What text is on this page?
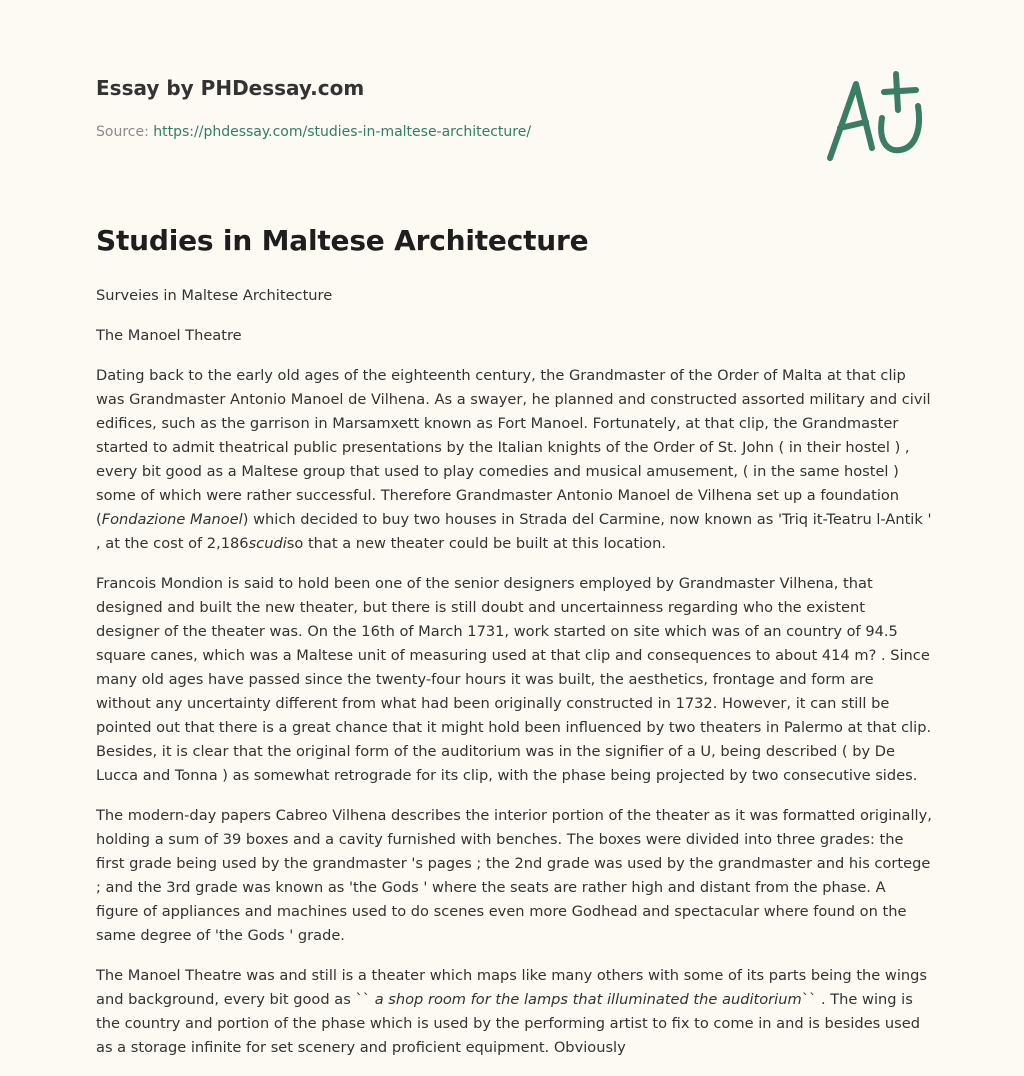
Essay by PHDessay.com
Source: https://phdessay.com/studies-in-maltese-architecture/
Studies in Maltese Architecture

Surveies in Maltese Architecture

The Manoel Theatre

Dating back to the early old ages of the eighteenth century, the Grandmaster of the Order of Malta at that clip was Grandmaster Antonio Manoel de Vilhena. As a swayer, he planned and constructed assorted military and civil edifices, such as the garrison in Marsamxett known as Fort Manoel. Fortunately, at that clip, the Grandmaster started to admit theatrical public presentations by the Italian knights of the Order of St. John ( in their hostel ) , every bit good as a Maltese group that used to play comedies and musical amusement, ( in the same hostel ) some of which were rather successful. Therefore Grandmaster Antonio Manoel de Vilhena set up a foundation (Fondazione Manoel) which decided to buy two houses in Strada del Carmine, now known as 'Triq it-Teatru l-Antik ' , at the cost of 2,186scudiso that a new theater could be built at this location.

Francois Mondion is said to hold been one of the senior designers employed by Grandmaster Vilhena, that designed and built the new theater, but there is still doubt and uncertainness regarding who the existent designer of the theater was. On the 16th of March 1731, work started on site which was of an country of 94.5 square canes, which was a Maltese unit of measuring used at that clip and consequences to about 414 m? . Since many old ages have passed since the twenty-four hours it was built, the aesthetics, frontage and form are without any uncertainty different from what had been originally constructed in 1732. However, it can still be pointed out that there is a great chance that it might hold been influenced by two theaters in Palermo at that clip. Besides, it is clear that the original form of the auditorium was in the signifier of a U, being described ( by De Lucca and Tonna ) as somewhat retrograde for its clip, with the phase being projected by two consecutive sides.

The modern-day papers Cabreo Vilhena describes the interior portion of the theater as it was formatted originally, holding a sum of 39 boxes and a cavity furnished with benches. The boxes were divided into three grades: the first grade being used by the grandmaster 's pages ; the 2nd grade was used by the grandmaster and his cortege ; and the 3rd grade was known as 'the Gods ' where the seats are rather high and distant from the phase. A figure of appliances and machines used to do scenes even more Godhead and spectacular where found on the same degree of 'the Gods ' grade.

The Manoel Theatre was and still is a theater which maps like many others with some of its parts being the wings and background, every bit good as `` a shop room for the lamps that illuminated the auditorium`` . The wing is the country and portion of the phase which is used by the performing artist to fix to come in and is besides used as a storage infinite for set scenery and proficient equipment. Obviously
